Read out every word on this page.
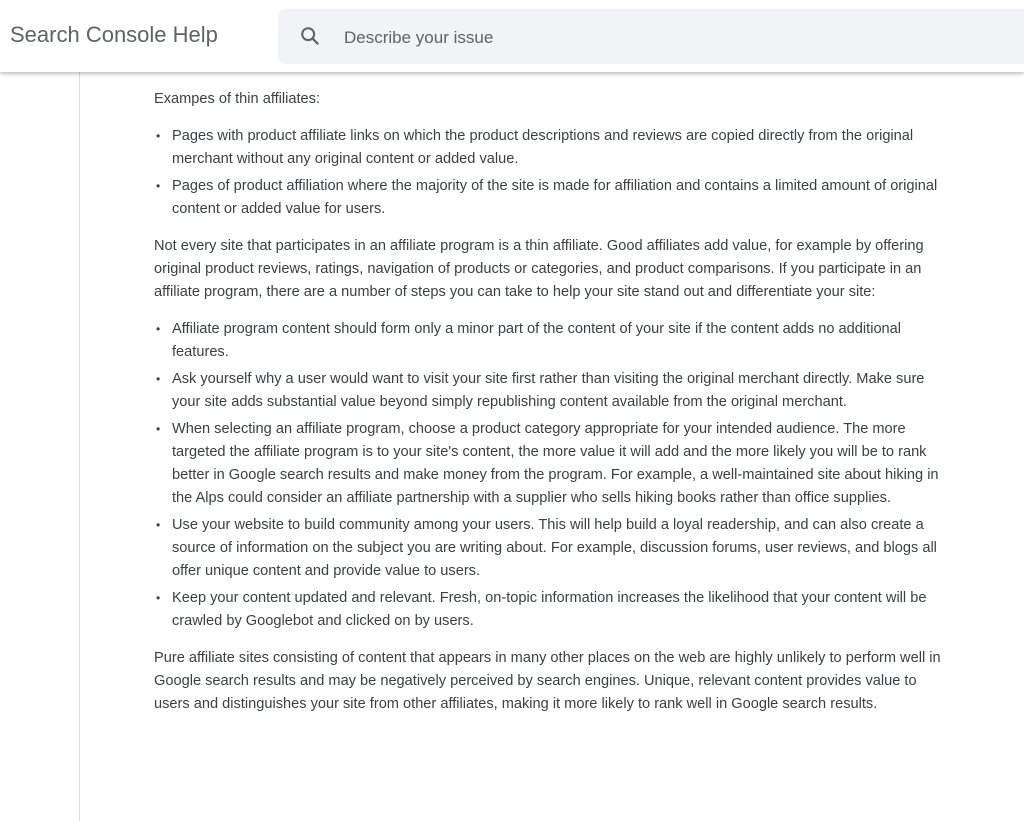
Search Console Help
Describe your issue

Exampes of thin affiliates:

• Pages with product affiliate links on which the product descriptions and reviews are copied directly from the original merchant without any original content or added value.
• Pages of product affiliation where the majority of the site is made for affiliation and contains a limited amount of original content or added value for users.

Not every site that participates in an affiliate program is a thin affiliate. Good affiliates add value, for example by offering original product reviews, ratings, navigation of products or categories, and product comparisons. If you participate in an affiliate program, there are a number of steps you can take to help your site stand out and differentiate your site:

• Affiliate program content should form only a minor part of the content of your site if the content adds no additional features.
• Ask yourself why a user would want to visit your site first rather than visiting the original merchant directly. Make sure your site adds substantial value beyond simply republishing content available from the original merchant.
• When selecting an affiliate program, choose a product category appropriate for your intended audience. The more targeted the affiliate program is to your site's content, the more value it will add and the more likely you will be to rank better in Google search results and make money from the program. For example, a well-maintained site about hiking in the Alps could consider an affiliate partnership with a supplier who sells hiking books rather than office supplies.
• Use your website to build community among your users. This will help build a loyal readership, and can also create a source of information on the subject you are writing about. For example, discussion forums, user reviews, and blogs all offer unique content and provide value to users.
• Keep your content updated and relevant. Fresh, on-topic information increases the likelihood that your content will be crawled by Googlebot and clicked on by users.

Pure affiliate sites consisting of content that appears in many other places on the web are highly unlikely to perform well in Google search results and may be negatively perceived by search engines. Unique, relevant content provides value to users and distinguishes your site from other affiliates, making it more likely to rank well in Google search results.
